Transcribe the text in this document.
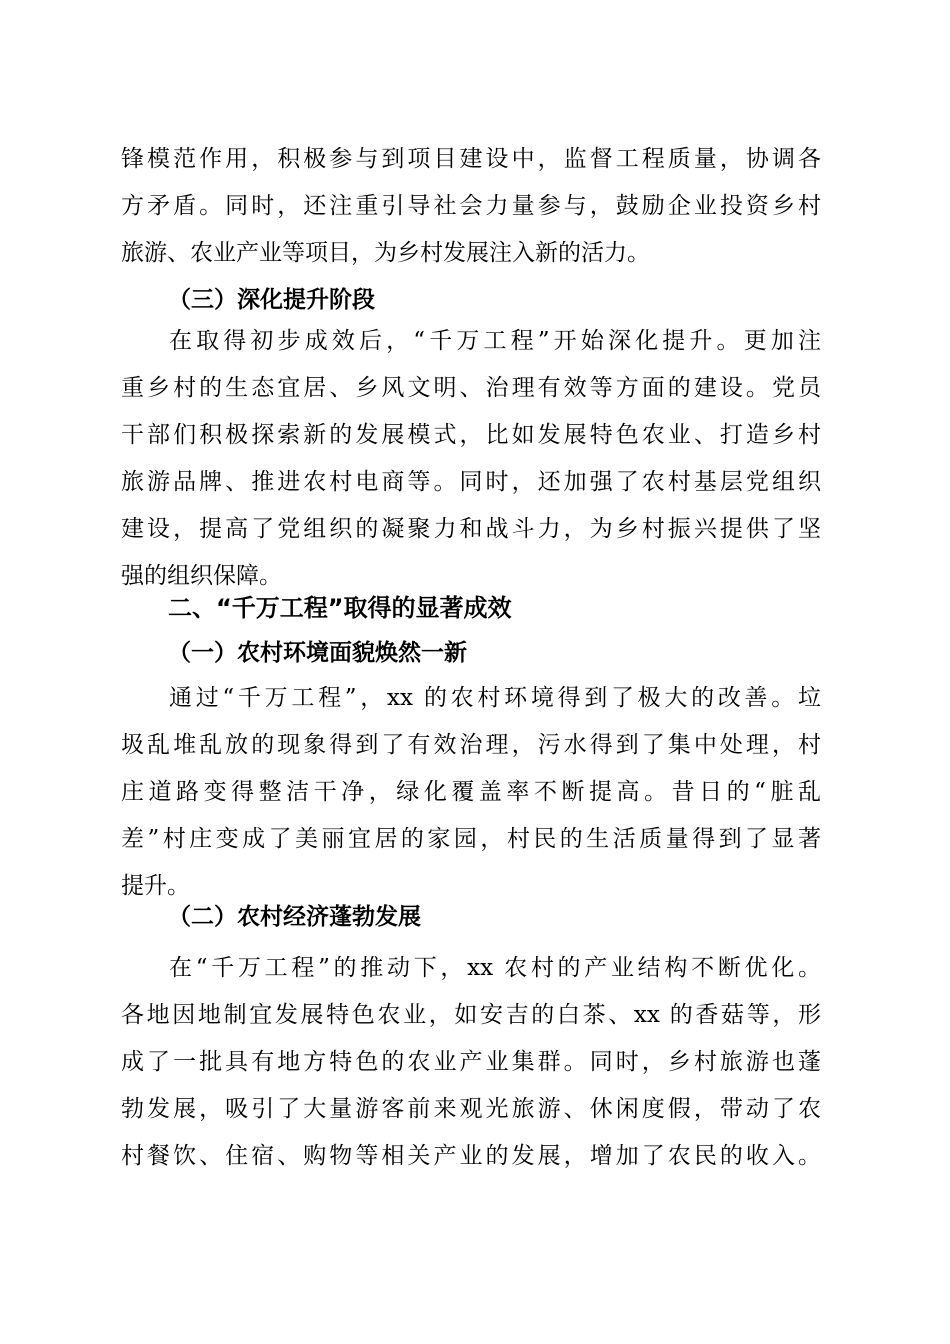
锋模范作用，积极参与到项目建设中，监督工程质量，协调各
方矛盾。同时，还注重引导社会力量参与，鼓励企业投资乡村
旅游、农业产业等项目，为乡村发展注入新的活力。
（三）深化提升阶段
在取得初步成效后，“千万工程”开始深化提升。更加注
重乡村的生态宜居、乡风文明、治理有效等方面的建设。党员
干部们积极探索新的发展模式，比如发展特色农业、打造乡村
旅游品牌、推进农村电商等。同时，还加强了农村基层党组织
建设，提高了党组织的凝聚力和战斗力，为乡村振兴提供了坚
强的组织保障。
二、“千万工程”取得的显著成效
（一）农村环境面貌焕然一新
通过“千万工程”，xx 的农村环境得到了极大的改善。垃
圾乱堆乱放的现象得到了有效治理，污水得到了集中处理，村
庄道路变得整洁干净，绿化覆盖率不断提高。昔日的“脏乱
差”村庄变成了美丽宜居的家园，村民的生活质量得到了显著
提升。
（二）农村经济蓬勃发展
在“千万工程”的推动下，xx 农村的产业结构不断优化。
各地因地制宜发展特色农业，如安吉的白茶、xx 的香菇等，形
成了一批具有地方特色的农业产业集群。同时，乡村旅游也蓬
勃发展，吸引了大量游客前来观光旅游、休闲度假，带动了农
村餐饮、住宿、购物等相关产业的发展，增加了农民的收入。
